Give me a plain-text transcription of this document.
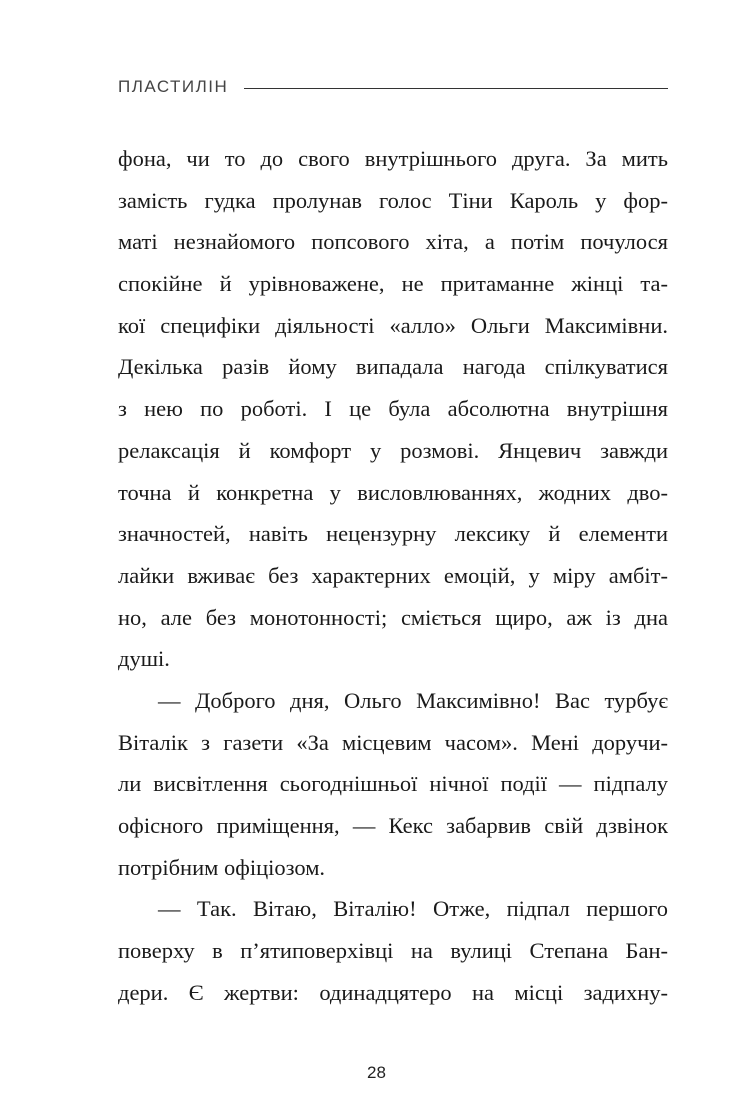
ПЛАСТИЛІН
фона, чи то до свого внутрішнього друга. За мить
замість гудка пролунав голос Тіни Кароль у фор-
маті незнайомого попсового хіта, а потім почулося
спокійне й урівноважене, не притаманне жінці та-
кої специфіки діяльності «алло» Ольги Максимівни.
Декілька разів йому випадала нагода спілкуватися
з нею по роботі. І це була абсолютна внутрішня
релаксація й комфорт у розмові. Янцевич завжди
точна й конкретна у висловлюваннях, жодних дво-
значностей, навіть нецензурну лексику й елементи
лайки вживає без характерних емоцій, у міру амбіт-
но, але без монотонності; сміється щиро, аж із дна
душі.
— Доброго дня, Ольго Максимівно! Вас турбує
Віталік з газети «За місцевим часом». Мені доручи-
ли висвітлення сьогоднішньої нічної події — підпалу
офісного приміщення, — Кекс забарвив свій дзвінок
потрібним офіціозом.
— Так. Вітаю, Віталію! Отже, підпал першого
поверху в п’ятиповерхівці на вулиці Степана Бан-
дери. Є жертви: одинадцятеро на місці задихну-
28
